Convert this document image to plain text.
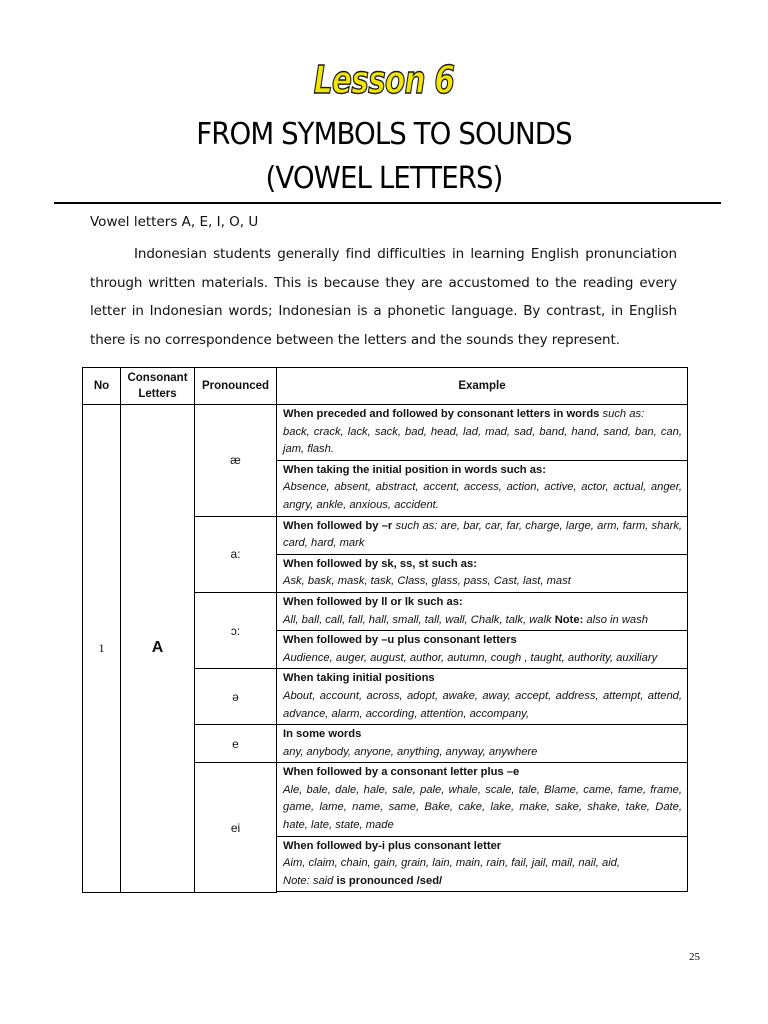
Lesson 6
FROM SYMBOLS TO SOUNDS
(VOWEL LETTERS)
Vowel letters A, E, I, O, U
Indonesian students generally find difficulties in learning English pronunciation through written materials. This is because they are accustomed to the reading every letter in Indonesian words; Indonesian is a phonetic language. By contrast, in English there is no correspondence between the letters and the sounds they represent.
No	Consonant Letters	Pronounced	Example
1	A	æ	When preceded and followed by consonant letters in words such as:
back, crack, lack, sack, bad, head, lad, mad, sad, band, hand, sand, ban, can, jam, flash.
			When taking the initial position in words such as:
Absence, absent, abstract, accent, access, action, active, actor, actual, anger, angry, ankle, anxious, accident.
		a:	When followed by –r such as: are, bar, car, far, charge, large, arm, farm, shark, card, hard, mark
			When followed by sk, ss, st such as:
Ask, bask, mask, task, Class, glass, pass, Cast, last, mast
		ɔ:	When followed by ll or lk such as:
All, ball, call, fall, hall, small, tall, wall, Chalk, talk, walk Note: also in wash
			When followed by –u plus consonant letters
Audience, auger, august, author, autumn, cough , taught, authority, auxiliary
		ə	When taking initial positions
About, account, across, adopt, awake, away, accept, address, attempt, attend, advance, alarm, according, attention, accompany,
		e	In some words
any, anybody, anyone, anything, anyway, anywhere
		ei	When followed by a consonant letter plus –e
Ale, bale, dale, hale, sale, pale, whale, scale, tale, Blame, came, fame, frame, game, lame, name, same, Bake, cake, lake, make, sake, shake, take, Date, hate, late, state, made
			When followed by-i plus consonant letter
Aim, claim, chain, gain, grain, lain, main, rain, fail, jail, mail, nail, aid,
Note: said is pronounced /sed/

25
